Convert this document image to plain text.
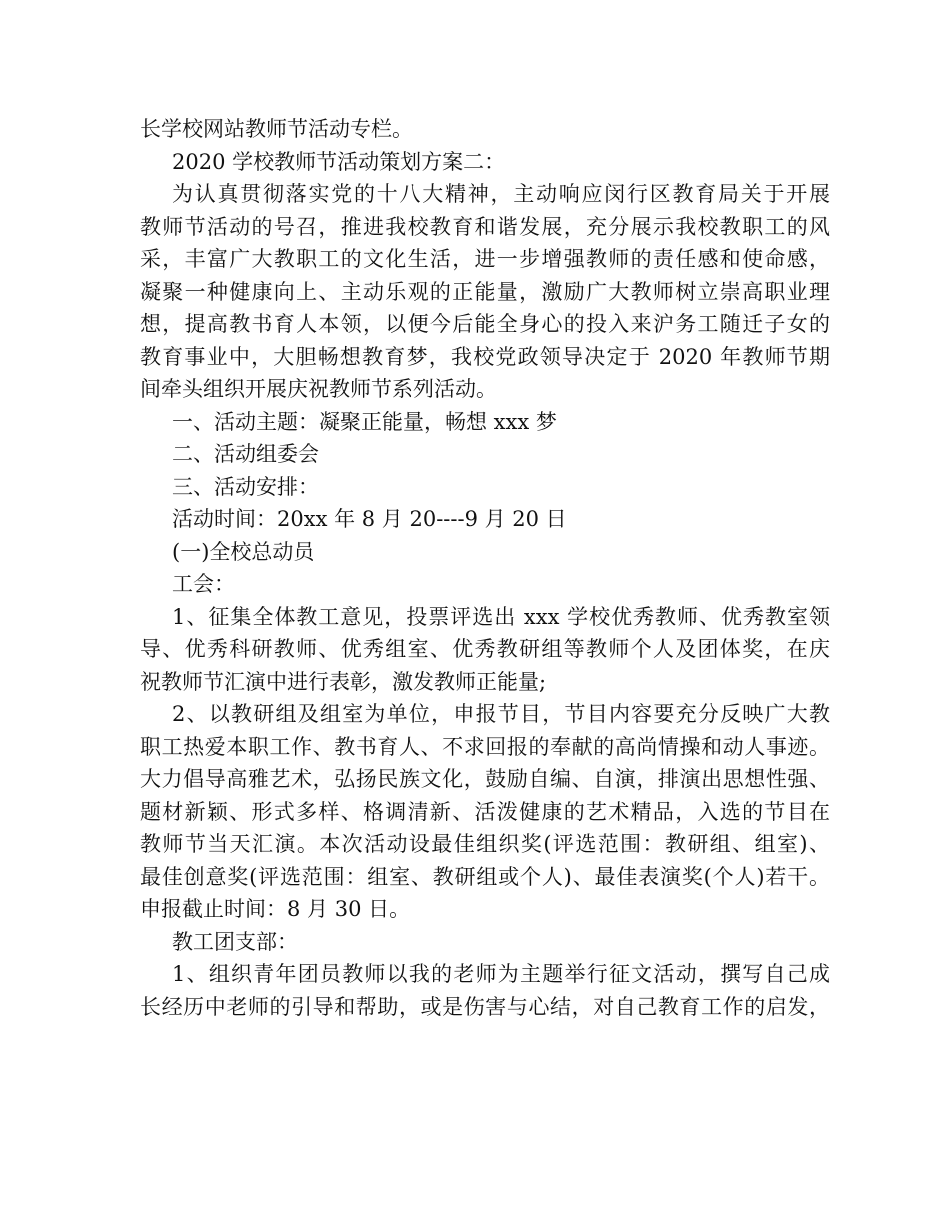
长学校网站教师节活动专栏。
2020 学校教师节活动策划方案二：
为认真贯彻落实党的十八大精神，主动响应闵行区教育局关于开展
教师节活动的号召，推进我校教育和谐发展，充分展示我校教职工的风
采，丰富广大教职工的文化生活，进一步增强教师的责任感和使命感，
凝聚一种健康向上、主动乐观的正能量，激励广大教师树立崇高职业理
想，提高教书育人本领，以便今后能全身心的投入来沪务工随迁子女的
教育事业中，大胆畅想教育梦，我校党政领导决定于 2020 年教师节期
间牵头组织开展庆祝教师节系列活动。
一、活动主题：凝聚正能量，畅想 xxx 梦
二、活动组委会
三、活动安排：
活动时间：20xx 年 8 月 20----9 月 20 日
(一)全校总动员
工会：
1、征集全体教工意见，投票评选出 xxx 学校优秀教师、优秀教室领
导、优秀科研教师、优秀组室、优秀教研组等教师个人及团体奖，在庆
祝教师节汇演中进行表彰，激发教师正能量;
2、以教研组及组室为单位，申报节目，节目内容要充分反映广大教
职工热爱本职工作、教书育人、不求回报的奉献的高尚情操和动人事迹。
大力倡导高雅艺术，弘扬民族文化，鼓励自编、自演，排演出思想性强、
题材新颖、形式多样、格调清新、活泼健康的艺术精品，入选的节目在
教师节当天汇演。本次活动设最佳组织奖(评选范围：教研组、组室)、
最佳创意奖(评选范围：组室、教研组或个人)、最佳表演奖(个人)若干。
申报截止时间：8 月 30 日。
教工团支部：
1、组织青年团员教师以我的老师为主题举行征文活动，撰写自己成
长经历中老师的引导和帮助，或是伤害与心结，对自己教育工作的启发，
